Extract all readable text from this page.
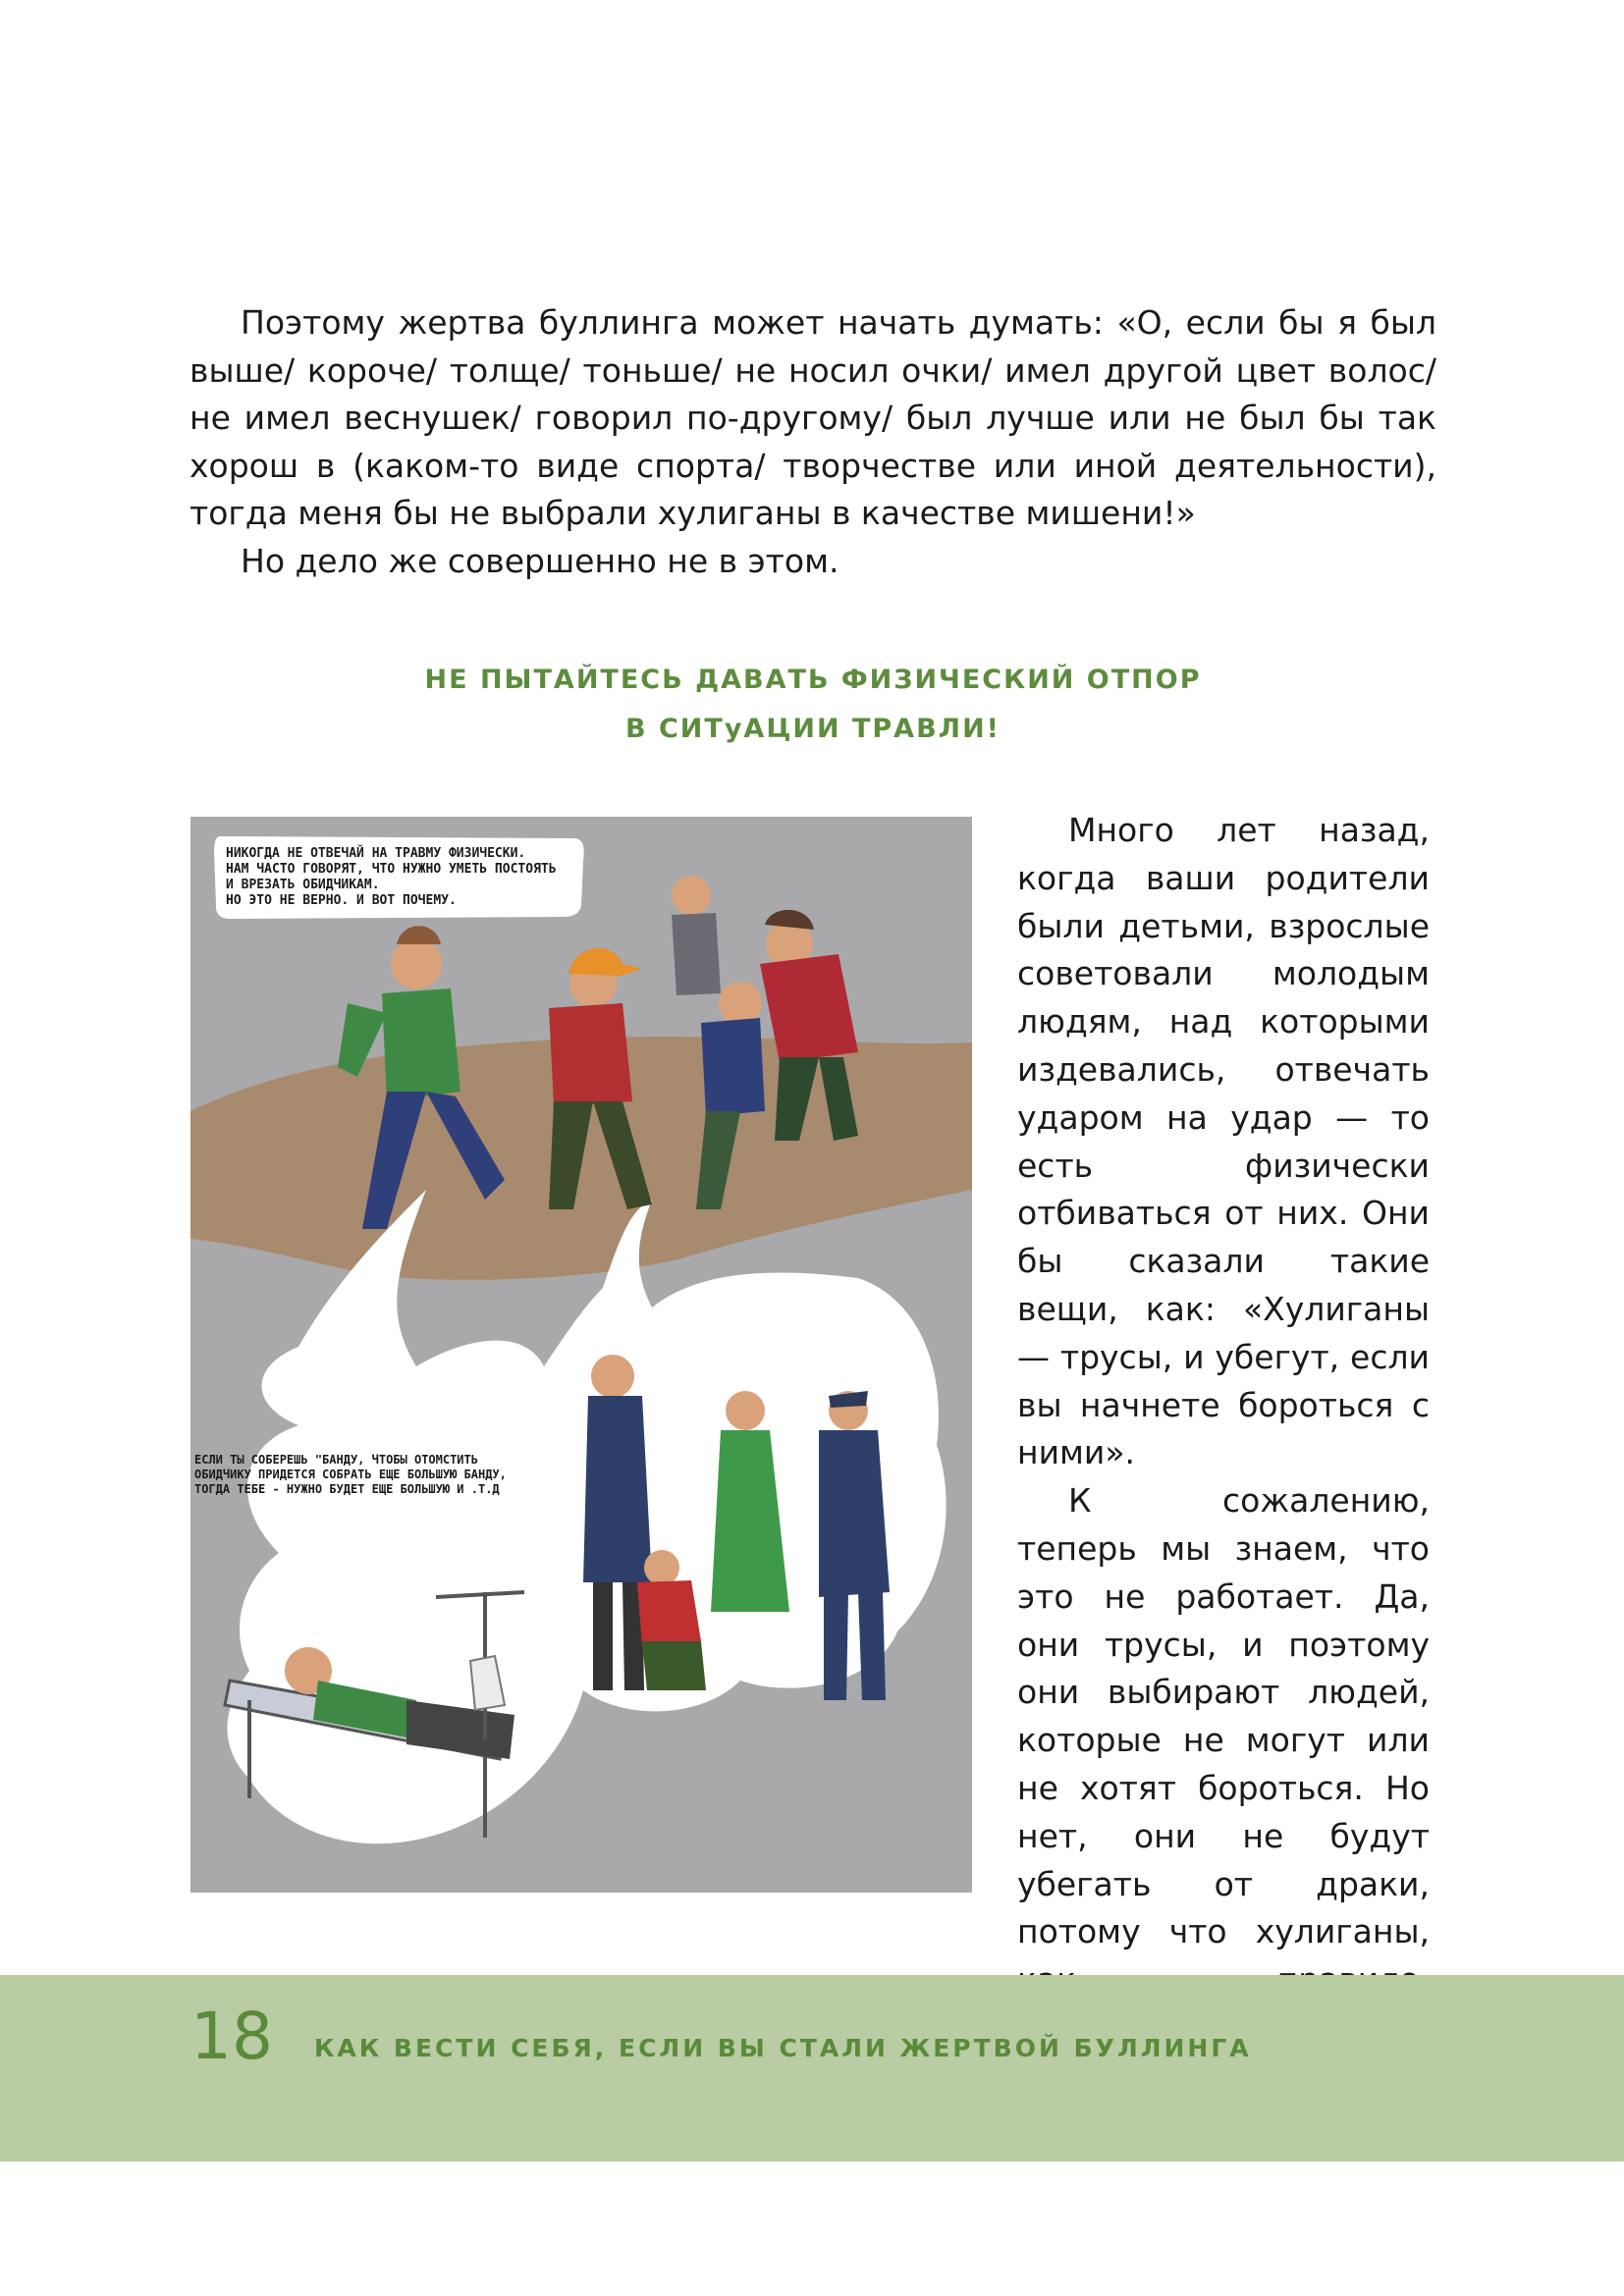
Поэтому жертва буллинга может начать думать: «О, если бы я был выше/ короче/ толще/ тоньше/ не носил очки/ имел другой цвет волос/ не имел веснушек/ говорил по-другому/ был лучше или не был бы так хорош в (каком-то виде спорта/ творчестве или иной деятельности), тогда меня бы не выбрали хулиганы в качестве мишени!»

Но дело же совершенно не в этом.

НЕ ПЫТАЙТЕСЬ ДАВАТЬ ФИЗИЧЕСКИЙ ОТПОР
В СИТуАЦИИ ТРАВЛИ!
НИКОГДА НЕ ОТВЕЧАЙ НА ТРАВМУ ФИЗИЧЕСКИ.
НАМ ЧАСТО ГОВОРЯТ, ЧТО НУЖНО УМЕТЬ ПОСТОЯТЬ
И ВРЕЗАТЬ ОБИДЧИКАМ.
НО ЭТО НЕ ВЕРНО. И ВОТ ПОЧЕМУ.
ЕСЛИ ТЫ СОБЕРЕШЬ "БАНДУ, ЧТОБЫ ОТОМСТИТЬ
ОБИДЧИКУ ПРИДЕТСЯ СОБРАТЬ ЕЩЕ БОЛЬШУЮ БАНДУ,
ТОГДА ТЕБЕ - НУЖНО БУДЕТ ЕЩЕ БОЛЬШУЮ И .Т.Д

Много лет назад, когда ваши родители были детьми, взрослые советовали молодым людям, над которыми издевались, отвечать ударом на удар — то есть физически отбиваться от них. Они бы сказали такие вещи, как: «Хулиганы — трусы, и убегут, если вы начнете бороться с ними».

К сожалению, теперь мы знаем, что это не работает. Да, они трусы, и поэтому они выбирают людей, которые не могут или не хотят бороться. Но нет, они не будут убегать от драки, потому что хулиганы,

18 КАК ВЕСТИ СЕБЯ, ЕСЛИ ВЫ СТАЛИ ЖЕРТВОЙ БУЛЛИНГА
